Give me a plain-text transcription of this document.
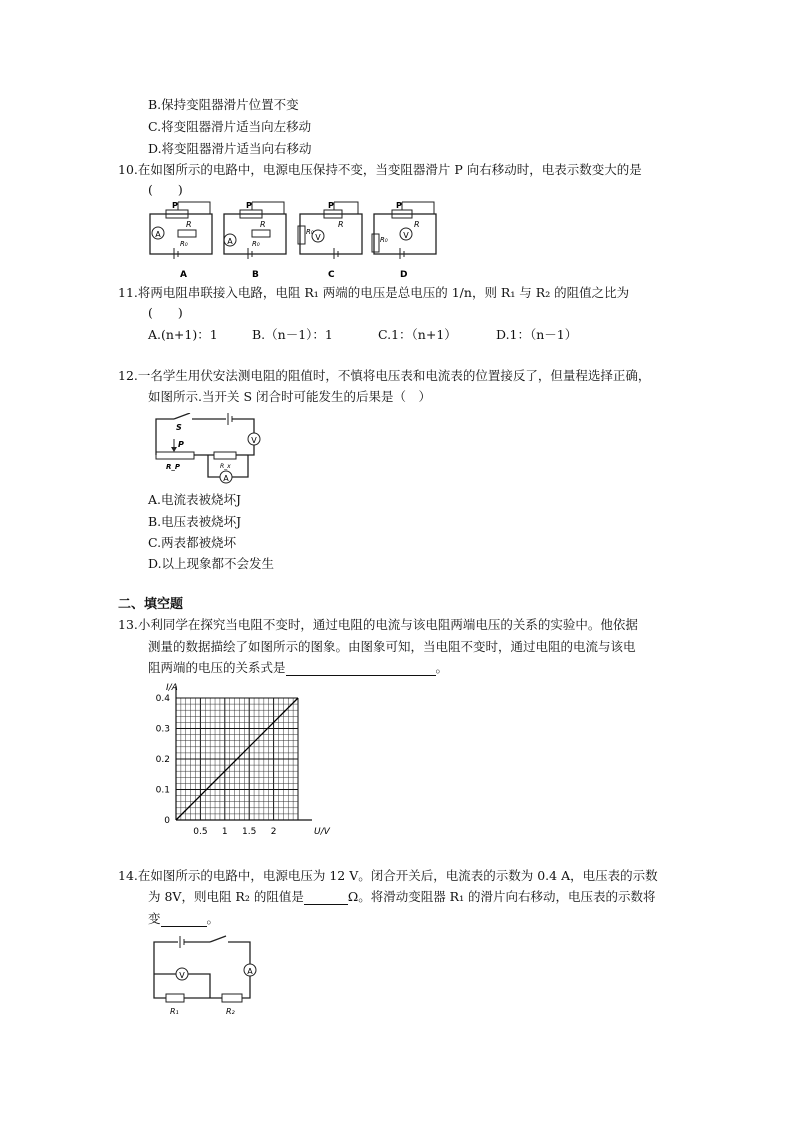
B.保持变阻器滑片位置不变
C.将变阻器滑片适当向左移动
D.将变阻器滑片适当向右移动
10.在如图所示的电路中，电源电压保持不变，当变阻器滑片 P 向右移动时，电表示数变大的是
(　　)
A
P
R
R₀
A
A
P
R
R₀
B
V
P
R
R₀
C
V
P
R
R₀
D
11.将两电阻串联接入电路，电阻 R₁ 两端的电压是总电压的 1/n，则 R₁ 与 R₂ 的阻值之比为
(　　)
A.(n+1)：1	B.（n－1）：1	C.1：（n+1）	D.1：（n－1）
12.一名学生用伏安法测电阻的阻值时，不慎将电压表和电流表的位置接反了，但量程选择正确，
如图所示.当开关 S 闭合时可能发生的后果是（　）
V
S
P
R_P
A
R_x
A.电流表被烧坏J
B.电压表被烧坏J
C.两表都被烧坏
D.以上现象都不会发生
二、填空题
13.小利同学在探究当电阻不变时，通过电阻的电流与该电阻两端电压的关系的实验中。他依据
测量的数据描绘了如图所示的图象。由图象可知，当电阻不变时，通过电阻的电流与该电
阻两端的电压的关系式是	。
0.5 1 1.5 2
0
0.1
0.2
0.3
0.4
U/V
I/A
14.在如图所示的电路中，电源电压为 12 V。闭合开关后，电流表的示数为 0.4 A，电压表的示数
为 8V，则电阻 R₂ 的阻值是	Ω。将滑动变阻器 R₁ 的滑片向右移动，电压表的示数将
变	。
A
V
R₁	R₂
